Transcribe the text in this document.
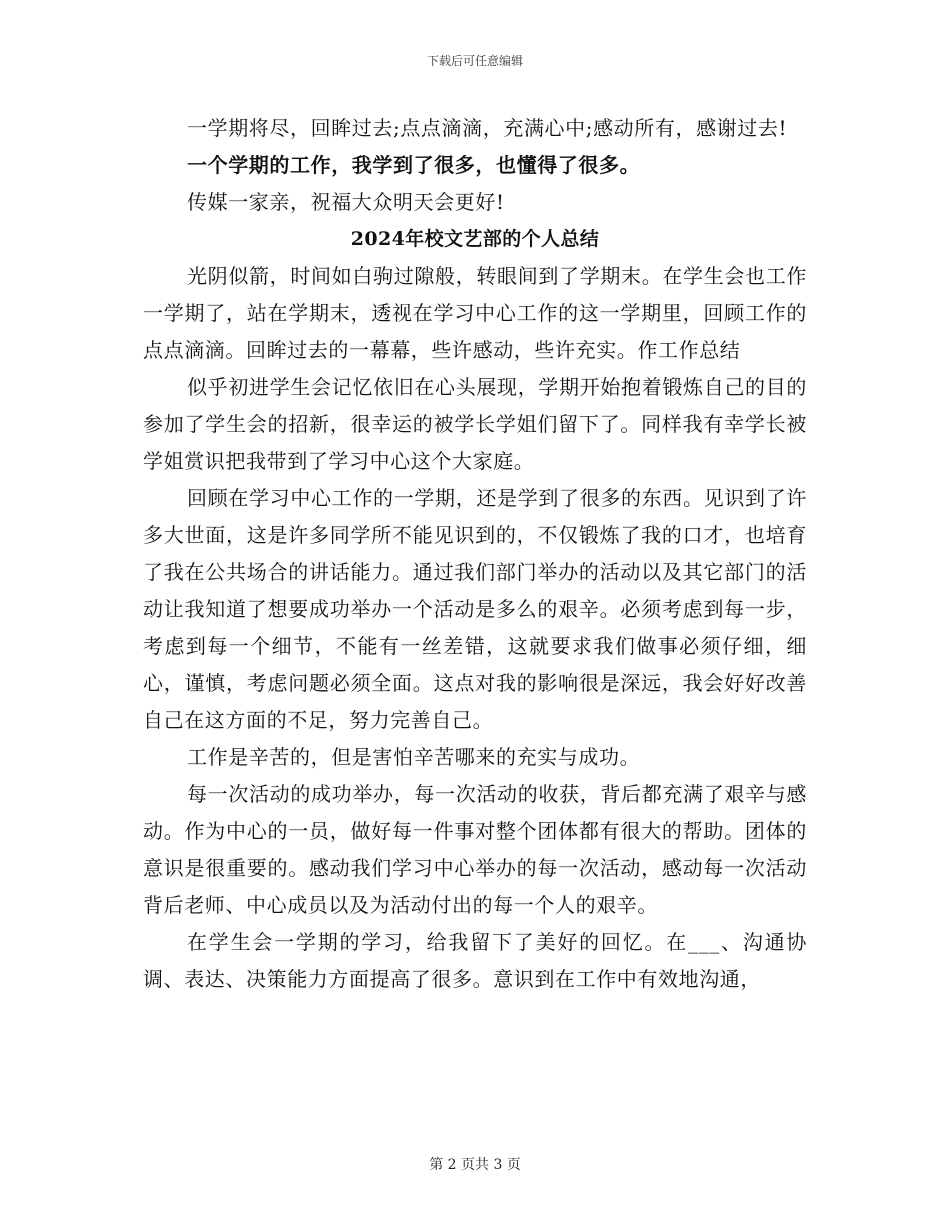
下载后可任意编辑

一学期将尽，回眸过去;点点滴滴，充满心中;感动所有，感谢过去!

一个学期的工作，我学到了很多，也懂得了很多。

传媒一家亲，祝福大众明天会更好!

2024年校文艺部的个人总结

光阴似箭，时间如白驹过隙般，转眼间到了学期末。在学生会也工作一学期了，站在学期末，透视在学习中心工作的这一学期里，回顾工作的点点滴滴。回眸过去的一幕幕，些许感动，些许充实。作工作总结

似乎初进学生会记忆依旧在心头展现，学期开始抱着锻炼自己的目的参加了学生会的招新，很幸运的被学长学姐们留下了。同样我有幸学长被学姐赏识把我带到了学习中心这个大家庭。

回顾在学习中心工作的一学期，还是学到了很多的东西。见识到了许多大世面，这是许多同学所不能见识到的，不仅锻炼了我的口才，也培育了我在公共场合的讲话能力。通过我们部门举办的活动以及其它部门的活动让我知道了想要成功举办一个活动是多么的艰辛。必须考虑到每一步，考虑到每一个细节，不能有一丝差错，这就要求我们做事必须仔细，细心，谨慎，考虑问题必须全面。这点对我的影响很是深远，我会好好改善自己在这方面的不足，努力完善自己。

工作是辛苦的，但是害怕辛苦哪来的充实与成功。

每一次活动的成功举办，每一次活动的收获，背后都充满了艰辛与感动。作为中心的一员，做好每一件事对整个团体都有很大的帮助。团体的意识是很重要的。感动我们学习中心举办的每一次活动，感动每一次活动背后老师、中心成员以及为活动付出的每一个人的艰辛。

在学生会一学期的学习，给我留下了美好的回忆。在___、沟通协调、表达、决策能力方面提高了很多。意识到在工作中有效地沟通，

第 2 页共 3 页
